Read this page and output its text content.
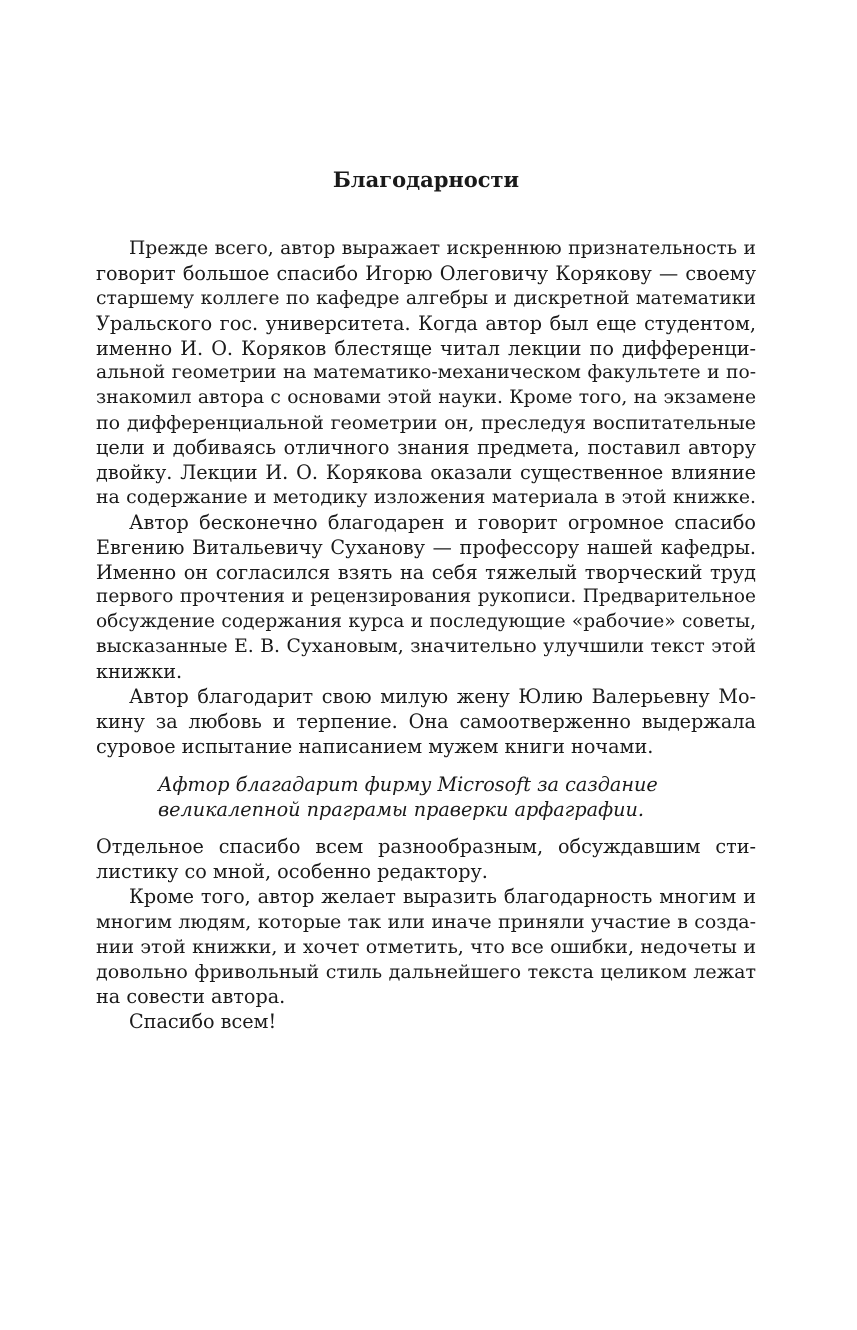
Благодарности
Прежде всего, автор выражает искреннюю признательность и
говорит большое спасибо Игорю Олеговичу Корякову — своему
старшему коллеге по кафедре алгебры и дискретной математики
Уральского гос. университета. Когда автор был еще студентом,
именно И. О. Коряков блестяще читал лекции по дифференци-
альной геометрии на математико-механическом факультете и по-
знакомил автора с основами этой науки. Кроме того, на экзамене
по дифференциальной геометрии он, преследуя воспитательные
цели и добиваясь отличного знания предмета, поставил автору
двойку. Лекции И. О. Корякова оказали существенное влияние
на содержание и методику изложения материала в этой книжке.
Автор бесконечно благодарен и говорит огромное спасибо
Евгению Витальевичу Суханову — профессору нашей кафедры.
Именно он согласился взять на себя тяжелый творческий труд
первого прочтения и рецензирования рукописи. Предварительное
обсуждение содержания курса и последующие «рабочие» советы,
высказанные Е. В. Сухановым, значительно улучшили текст этой
книжки.
Автор благодарит свою милую жену Юлию Валерьевну Мо-
кину за любовь и терпение. Она самоотверженно выдержала
суровое испытание написанием мужем книги ночами.
Афтор благадарит фирму Microsoft за саздание
великалепной праграмы праверки арфаграфии.
Отдельное спасибо всем разнообразным, обсуждавшим сти-
листику со мной, особенно редактору.
Кроме того, автор желает выразить благодарность многим и
многим людям, которые так или иначе приняли участие в созда-
нии этой книжки, и хочет отметить, что все ошибки, недочеты и
довольно фривольный стиль дальнейшего текста целиком лежат
на совести автора.
Спасибо всем!
